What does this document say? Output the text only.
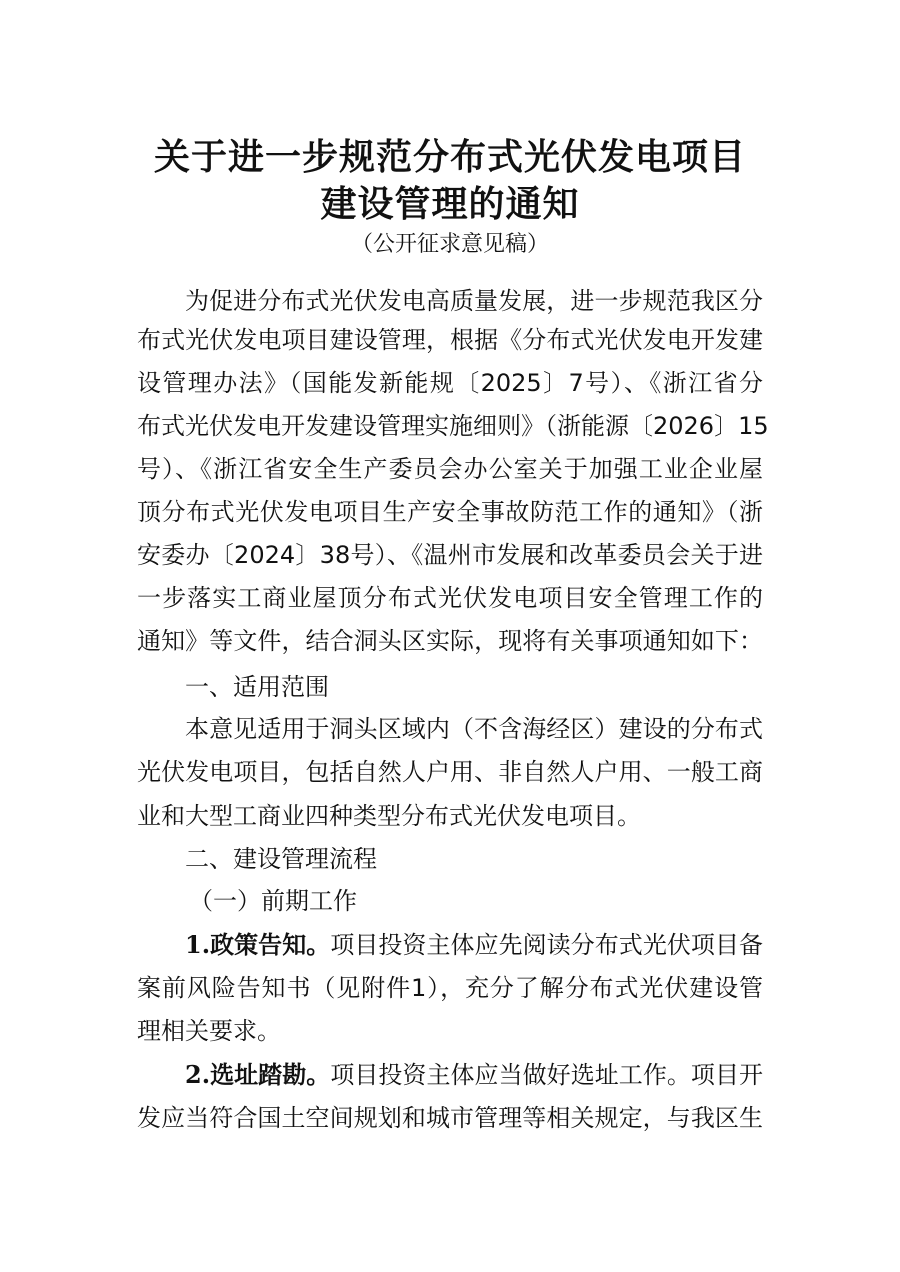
关于进一步规范分布式光伏发电项目
建设管理的通知
（公开征求意见稿）
为促进分布式光伏发电高质量发展，进一步规范我区分
布式光伏发电项目建设管理，根据《分布式光伏发电开发建
设管理办法》（国能发新能规〔2025〕7号）、《浙江省分
布式光伏发电开发建设管理实施细则》（浙能源〔2026〕15
号）、《浙江省安全生产委员会办公室关于加强工业企业屋
顶分布式光伏发电项目生产安全事故防范工作的通知》（浙
安委办〔2024〕38号）、《温州市发展和改革委员会关于进
一步落实工商业屋顶分布式光伏发电项目安全管理工作的
通知》等文件，结合洞头区实际，现将有关事项通知如下：
一、适用范围
本意见适用于洞头区域内（不含海经区）建设的分布式
光伏发电项目，包括自然人户用、非自然人户用、一般工商
业和大型工商业四种类型分布式光伏发电项目。
二、建设管理流程
（一）前期工作
1.政策告知。项目投资主体应先阅读分布式光伏项目备
案前风险告知书（见附件1），充分了解分布式光伏建设管
理相关要求。
2.选址踏勘。项目投资主体应当做好选址工作。项目开
发应当符合国土空间规划和城市管理等相关规定，与我区生
